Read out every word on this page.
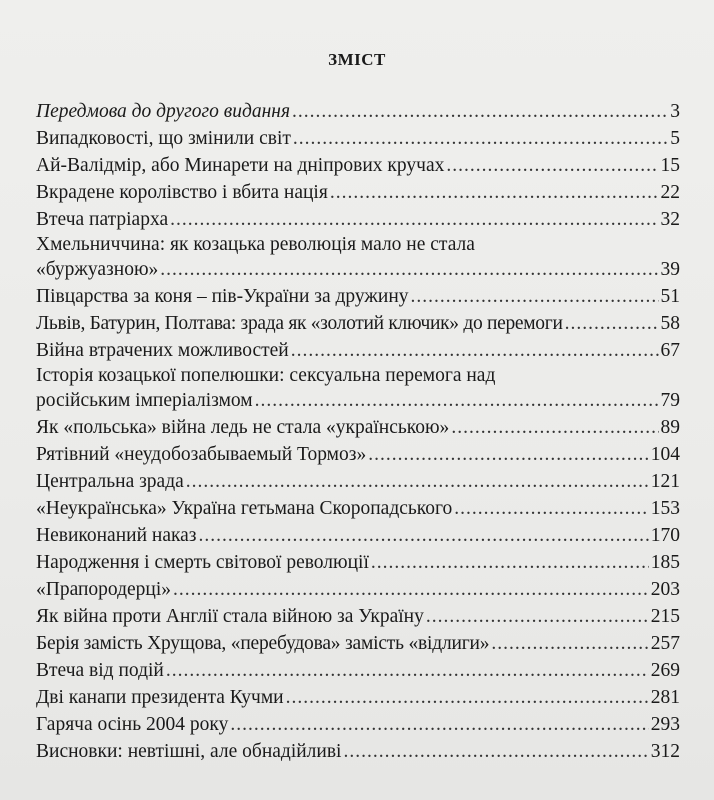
ЗМІСТ
Передмова до другого видання .....	3
Випадковості, що змінили світ .....	5
Ай-Валідмір, або Минарети на дніпрових кручах .....	15
Вкрадене королівство і вбита нація .....	22
Втеча патріарха .....	32
Хмельниччина: як козацька революція мало не стала
«буржуазною» .....	39
Півцарства за коня – пів-України за дружину .....	51
Львів, Батурин, Полтава: зрада як «золотий ключик» до перемоги .....	58
Війна втрачених можливостей .....	67
Історія козацької попелюшки: сексуальна перемога над
російським імперіалізмом .....	79
Як «польська» війна ледь не стала «українською» .....	89
Рятівний «неудобозабываемый Тормоз» .....	104
Центральна зрада .....	121
«Неукраїнська» Україна гетьмана Скоропадського .....	153
Невиконаний наказ .....	170
Народження і смерть світової революції .....	185
«Прапородерці» .....	203
Як війна проти Англії стала війною за Україну .....	215
Берія замість Хрущова, «перебудова» замість «відлиги» .....	257
Втеча від подій .....	269
Дві канапи президента Кучми .....	281
Гаряча осінь 2004 року .....	293
Висновки: невтішні, але обнадійливі .....	312
